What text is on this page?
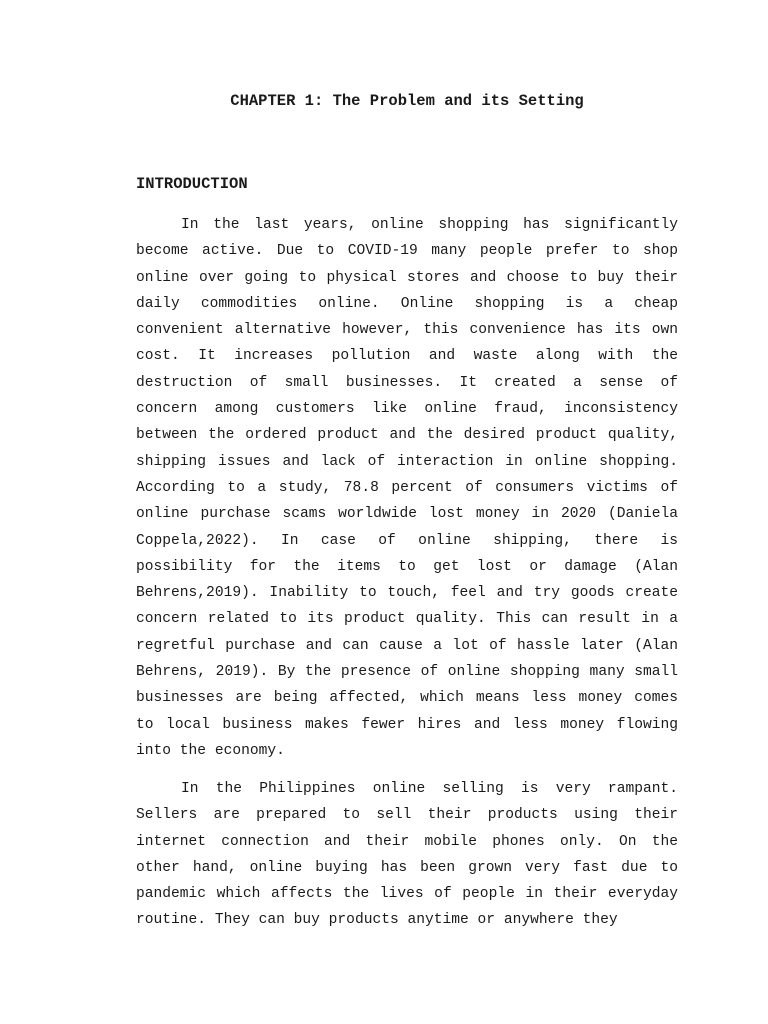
CHAPTER 1: The Problem and its Setting
INTRODUCTION

In the last years, online shopping has significantly become active. Due to COVID-19 many people prefer to shop online over going to physical stores and choose to buy their daily commodities online. Online shopping is a cheap convenient alternative however, this convenience has its own cost. It increases pollution and waste along with the destruction of small businesses. It created a sense of concern among customers like online fraud, inconsistency between the ordered product and the desired product quality, shipping issues and lack of interaction in online shopping. According to a study, 78.8 percent of consumers victims of online purchase scams worldwide lost money in 2020 (Daniela Coppela,2022). In case of online shipping, there is possibility for the items to get lost or damage (Alan Behrens,2019). Inability to touch, feel and try goods create concern related to its product quality. This can result in a regretful purchase and can cause a lot of hassle later (Alan Behrens, 2019). By the presence of online shopping many small businesses are being affected, which means less money comes to local business makes fewer hires and less money flowing into the economy.

In the Philippines online selling is very rampant. Sellers are prepared to sell their products using their internet connection and their mobile phones only. On the other hand, online buying has been grown very fast due to pandemic which affects the lives of people in their everyday routine. They can buy products anytime or anywhere they
